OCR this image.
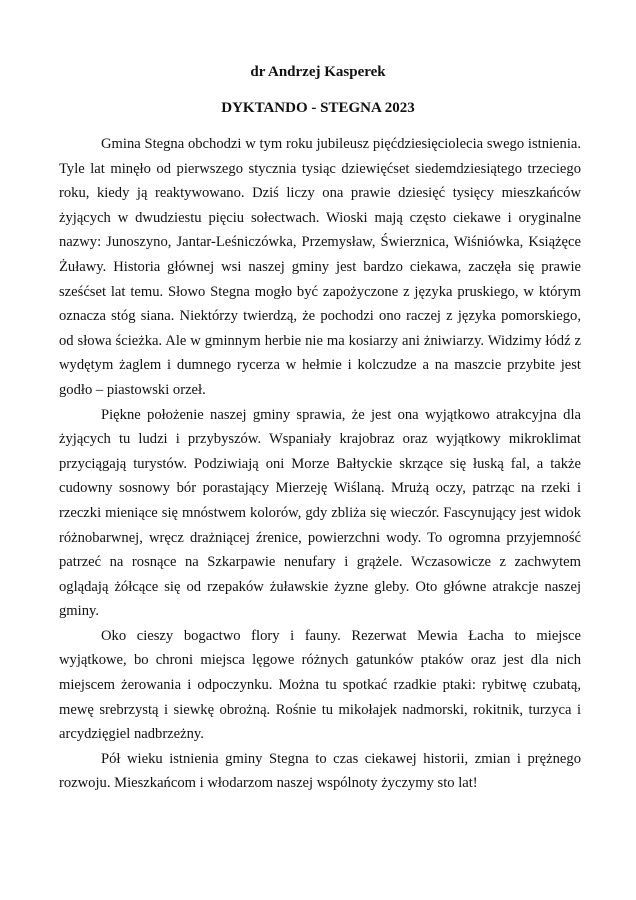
dr Andrzej Kasperek
DYKTANDO - STEGNA 2023

Gmina Stegna obchodzi w tym roku jubileusz pięćdziesięciolecia swego istnienia. Tyle lat minęło od pierwszego stycznia tysiąc dziewięćset siedemdziesiątego trzeciego roku, kiedy ją reaktywowano. Dziś liczy ona prawie dziesięć tysięcy mieszkańców żyjących w dwudziestu pięciu sołectwach. Wioski mają często ciekawe i oryginalne nazwy: Junoszyno, Jantar-Leśniczówka, Przemysław, Świerznica, Wiśniówka, Książęce Żuławy. Historia głównej wsi naszej gminy jest bardzo ciekawa, zaczęła się prawie sześćset lat temu. Słowo Stegna mogło być zapożyczone z języka pruskiego, w którym oznacza stóg siana. Niektórzy twierdzą, że pochodzi ono raczej z języka pomorskiego, od słowa ścieżka. Ale w gminnym herbie nie ma kosiarzy ani żniwiarzy. Widzimy łódź z wydętym żaglem i dumnego rycerza w hełmie i kolczudze a na maszcie przybite jest godło – piastowski orzeł.

Piękne położenie naszej gminy sprawia, że jest ona wyjątkowo atrakcyjna dla żyjących tu ludzi i przybyszów. Wspaniały krajobraz oraz wyjątkowy mikroklimat przyciągają turystów. Podziwiają oni Morze Bałtyckie skrzące się łuską fal, a także cudowny sosnowy bór porastający Mierzeję Wiślaną. Mrużą oczy, patrząc na rzeki i rzeczki mieniące się mnóstwem kolorów, gdy zbliża się wieczór. Fascynujący jest widok różnobarwnej, wręcz drażniącej źrenice, powierzchni wody. To ogromna przyjemność patrzeć na rosnące na Szkarpawie nenufary i grążele. Wczasowicze z zachwytem oglądają żółcące się od rzepaków żuławskie żyzne gleby. Oto główne atrakcje naszej gminy.

Oko cieszy bogactwo flory i fauny. Rezerwat Mewia Łacha to miejsce wyjątkowe, bo chroni miejsca lęgowe różnych gatunków ptaków oraz jest dla nich miejscem żerowania i odpoczynku. Można tu spotkać rzadkie ptaki: rybitwę czubatą, mewę srebrzystą i siewkę obrożną. Rośnie tu mikołajek nadmorski, rokitnik, turzyca i arcydzięgiel nadbrzeżny.

Pół wieku istnienia gminy Stegna to czas ciekawej historii, zmian i prężnego rozwoju. Mieszkańcom i włodarzom naszej wspólnoty życzymy sto lat!
